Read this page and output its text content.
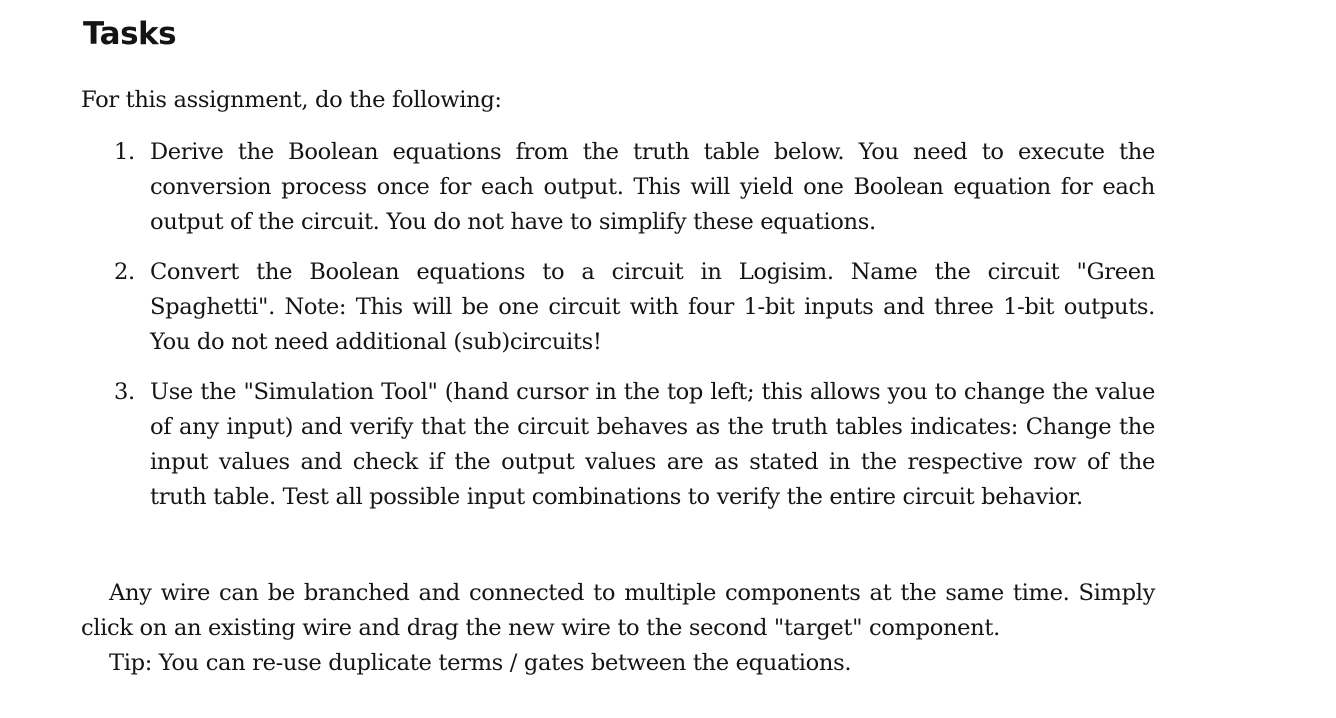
Tasks

For this assignment, do the following:

1. Derive the Boolean equations from the truth table below. You need to execute the conversion process once for each output. This will yield one Boolean equation for each output of the circuit. You do not have to simplify these equations.

2. Convert the Boolean equations to a circuit in Logisim. Name the circuit "Green Spaghetti". Note: This will be one circuit with four 1-bit inputs and three 1-bit outputs. You do not need additional (sub)circuits!

3. Use the "Simulation Tool" (hand cursor in the top left; this allows you to change the value of any input) and verify that the circuit behaves as the truth tables indicates: Change the input values and check if the output values are as stated in the respective row of the truth table. Test all possible input combinations to verify the entire circuit behavior.

Any wire can be branched and connected to multiple components at the same time. Simply click on an existing wire and drag the new wire to the second "target" component.

Tip: You can re-use duplicate terms / gates between the equations.
